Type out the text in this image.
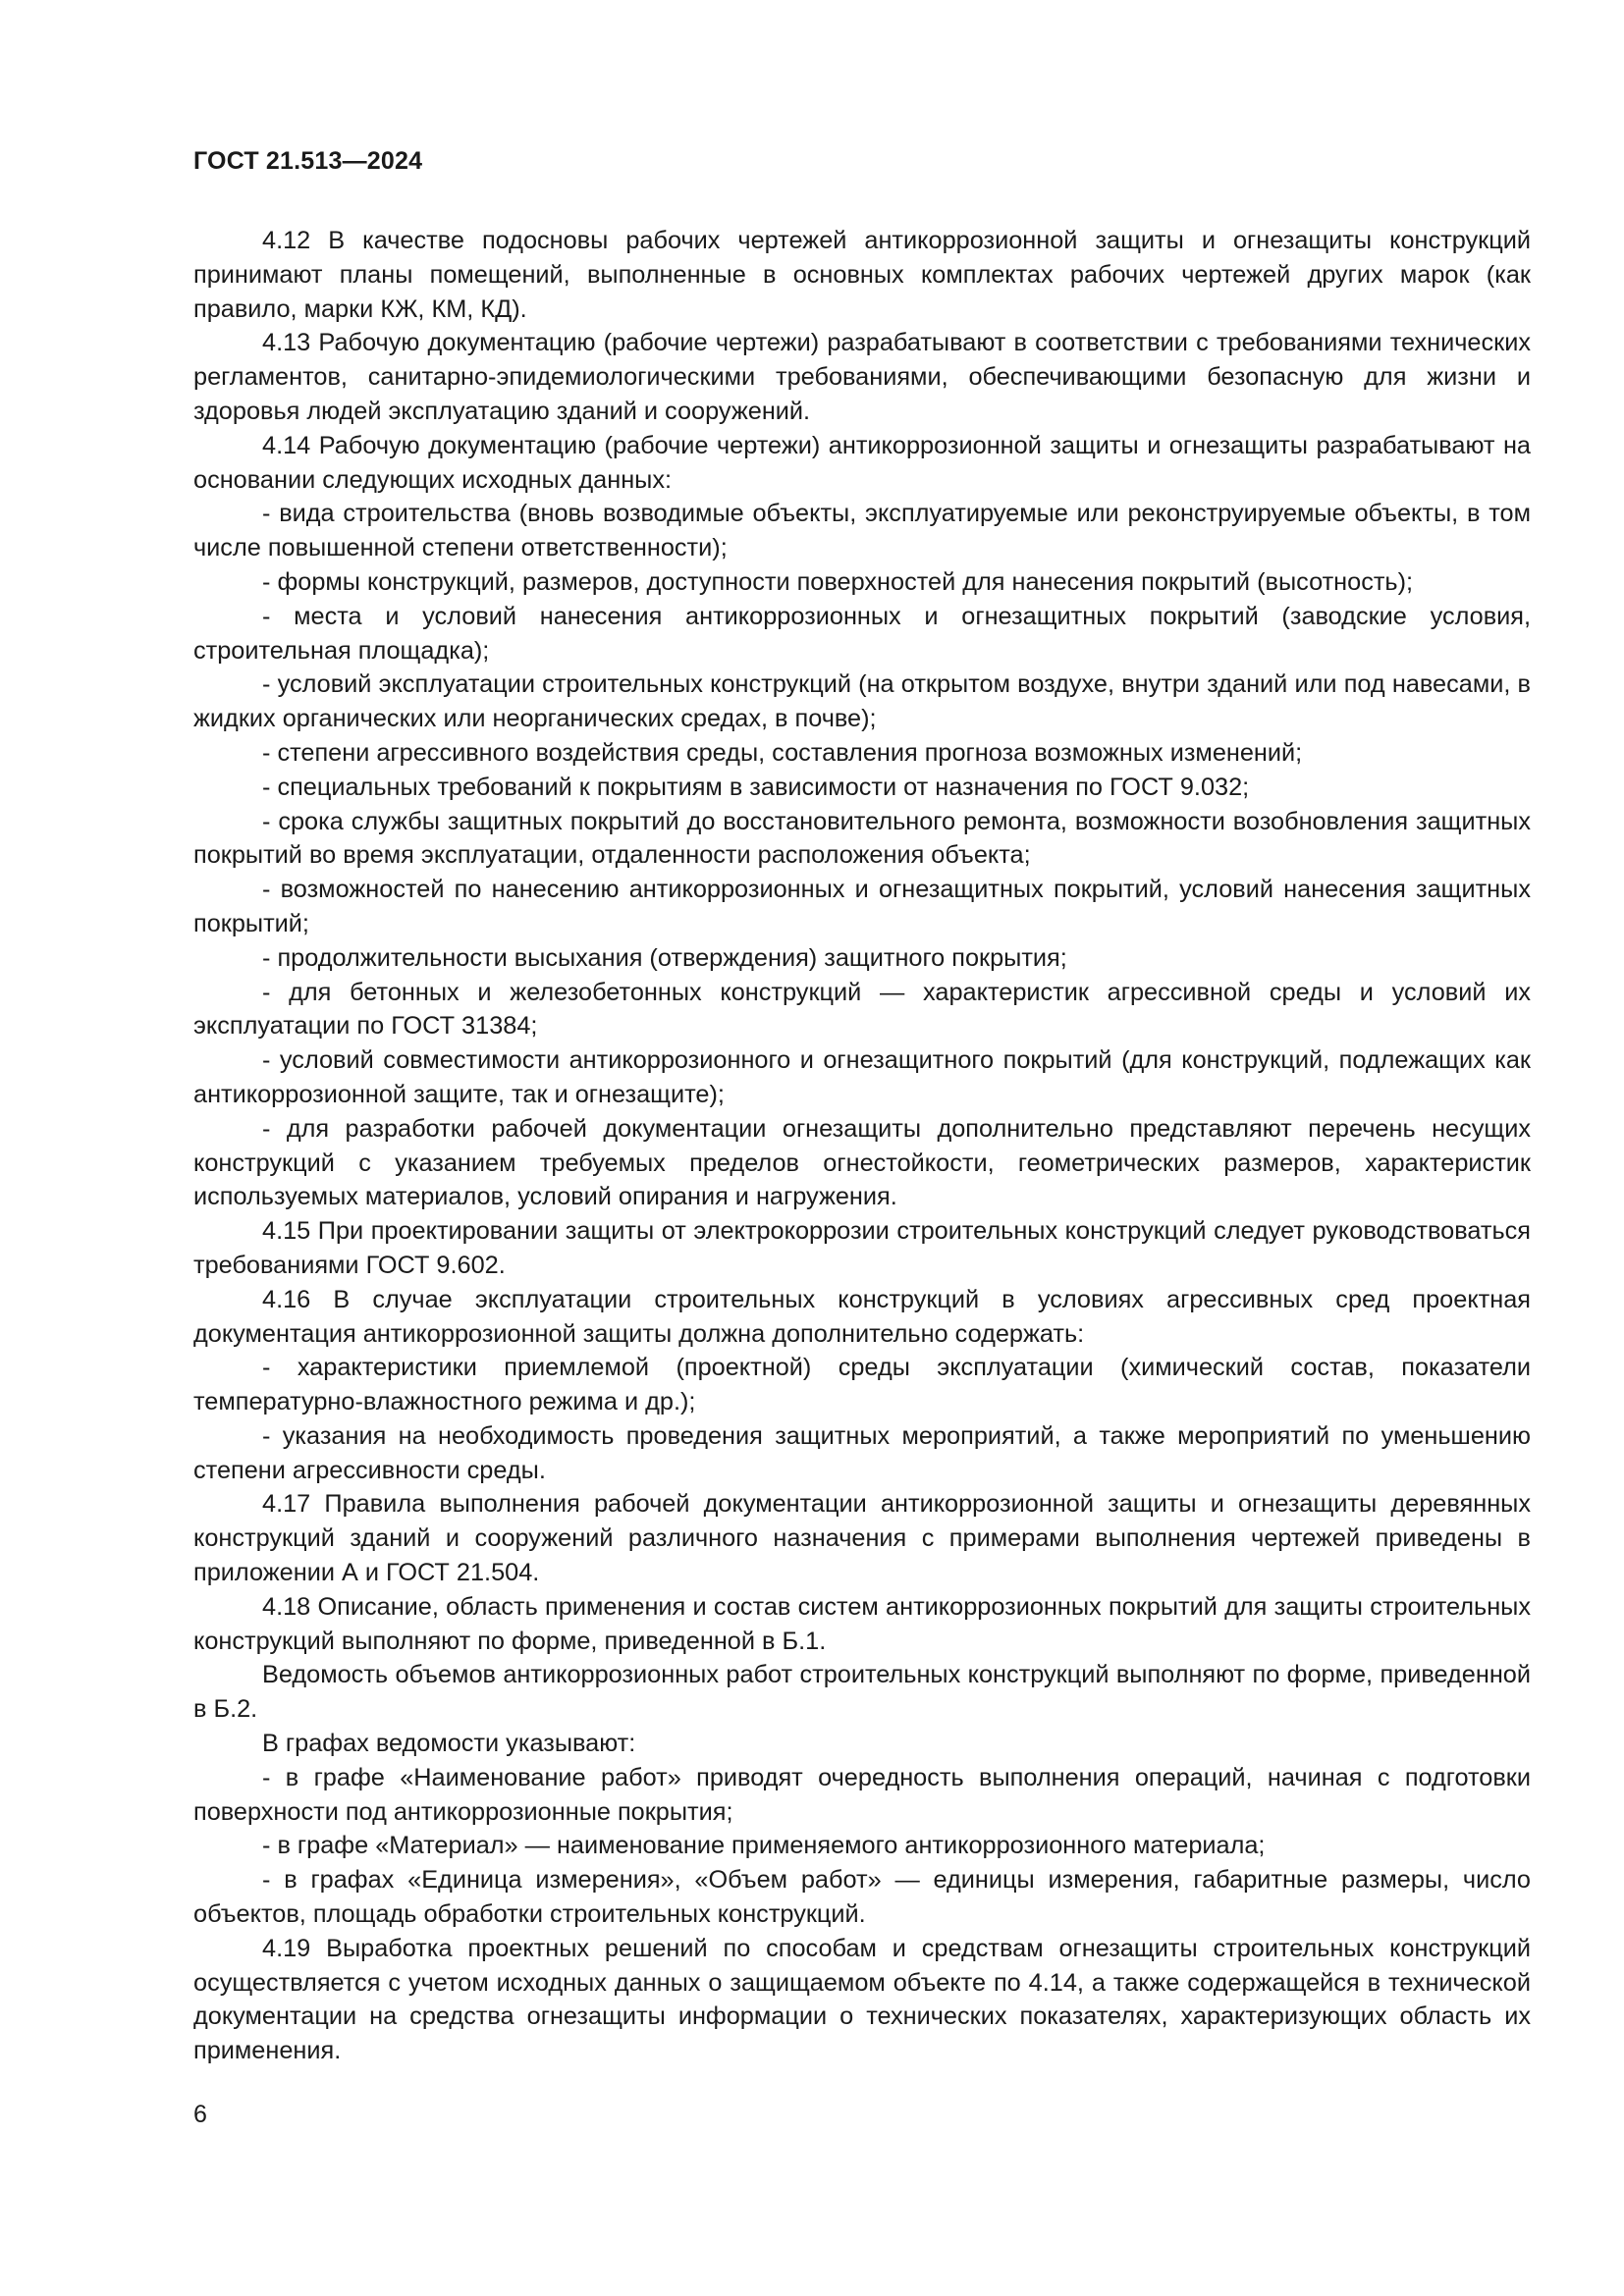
ГОСТ 21.513—2024

4.12 В качестве подосновы рабочих чертежей антикоррозионной защиты и огнезащиты конструкций принимают планы помещений, выполненные в основных комплектах рабочих чертежей других марок (как правило, марки КЖ, КМ, КД).

4.13 Рабочую документацию (рабочие чертежи) разрабатывают в соответствии с требованиями технических регламентов, санитарно-эпидемиологическими требованиями, обеспечивающими безопасную для жизни и здоровья людей эксплуатацию зданий и сооружений.

4.14 Рабочую документацию (рабочие чертежи) антикоррозионной защиты и огнезащиты разрабатывают на основании следующих исходных данных:

- вида строительства (вновь возводимые объекты, эксплуатируемые или реконструируемые объекты, в том числе повышенной степени ответственности);

- формы конструкций, размеров, доступности поверхностей для нанесения покрытий (высотность);

- места и условий нанесения антикоррозионных и огнезащитных покрытий (заводские условия, строительная площадка);

- условий эксплуатации строительных конструкций (на открытом воздухе, внутри зданий или под навесами, в жидких органических или неорганических средах, в почве);

- степени агрессивного воздействия среды, составления прогноза возможных изменений;

- специальных требований к покрытиям в зависимости от назначения по ГОСТ 9.032;

- срока службы защитных покрытий до восстановительного ремонта, возможности возобновления защитных покрытий во время эксплуатации, отдаленности расположения объекта;

- возможностей по нанесению антикоррозионных и огнезащитных покрытий, условий нанесения защитных покрытий;

- продолжительности высыхания (отверждения) защитного покрытия;

- для бетонных и железобетонных конструкций — характеристик агрессивной среды и условий их эксплуатации по ГОСТ 31384;

- условий совместимости антикоррозионного и огнезащитного покрытий (для конструкций, подлежащих как антикоррозионной защите, так и огнезащите);

- для разработки рабочей документации огнезащиты дополнительно представляют перечень несущих конструкций с указанием требуемых пределов огнестойкости, геометрических размеров, характеристик используемых материалов, условий опирания и нагружения.

4.15 При проектировании защиты от электрокоррозии строительных конструкций следует руководствоваться требованиями ГОСТ 9.602.

4.16 В случае эксплуатации строительных конструкций в условиях агрессивных сред проектная документация антикоррозионной защиты должна дополнительно содержать:

- характеристики приемлемой (проектной) среды эксплуатации (химический состав, показатели температурно-влажностного режима и др.);

- указания на необходимость проведения защитных мероприятий, а также мероприятий по уменьшению степени агрессивности среды.

4.17 Правила выполнения рабочей документации антикоррозионной защиты и огнезащиты деревянных конструкций зданий и сооружений различного назначения с примерами выполнения чертежей приведены в приложении А и ГОСТ 21.504.

4.18 Описание, область применения и состав систем антикоррозионных покрытий для защиты строительных конструкций выполняют по форме, приведенной в Б.1.

Ведомость объемов антикоррозионных работ строительных конструкций выполняют по форме, приведенной в Б.2.

В графах ведомости указывают:

- в графе «Наименование работ» приводят очередность выполнения операций, начиная с подготовки поверхности под антикоррозионные покрытия;

- в графе «Материал» — наименование применяемого антикоррозионного материала;

- в графах «Единица измерения», «Объем работ» — единицы измерения, габаритные размеры, число объектов, площадь обработки строительных конструкций.

4.19 Выработка проектных решений по способам и средствам огнезащиты строительных конструкций осуществляется с учетом исходных данных о защищаемом объекте по 4.14, а также содержащейся в технической документации на средства огнезащиты информации о технических показателях, характеризующих область их применения.

6
